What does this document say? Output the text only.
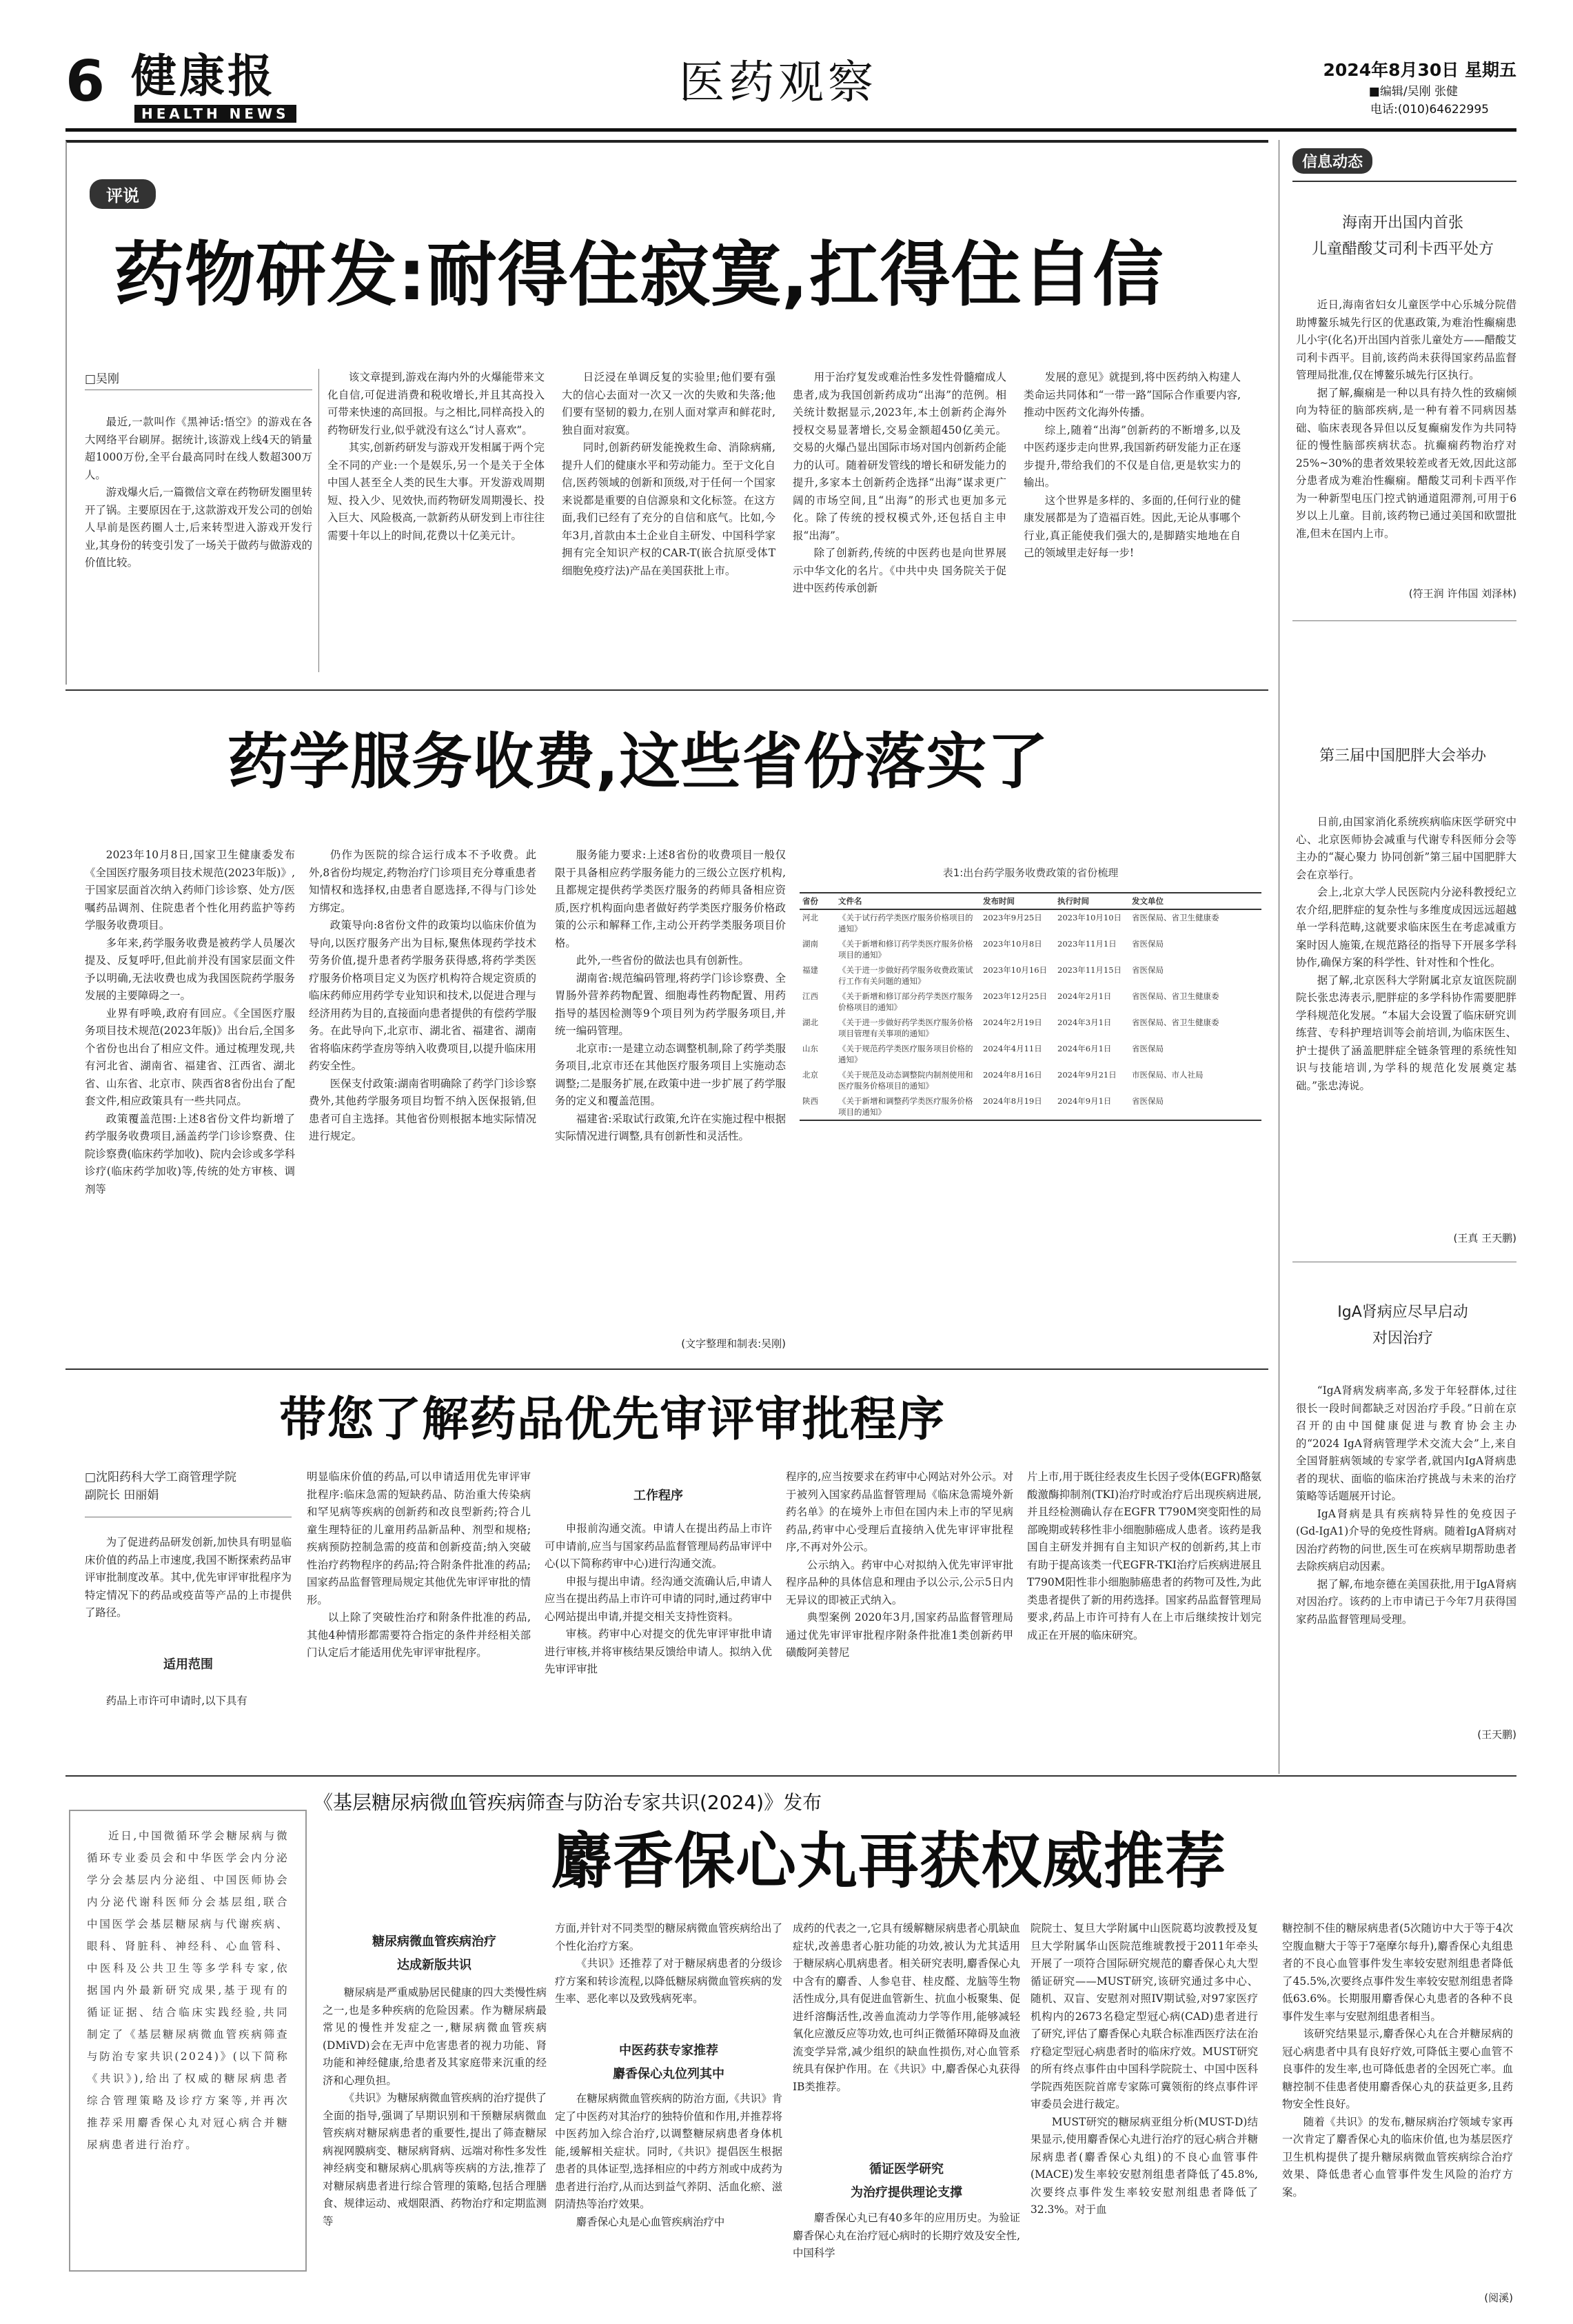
6 健康报
HEALTH NEWS
医药观察	2024年8月30日 星期五
■编辑/吴刚 张健
电话:(010)64622995
评说
药物研发:耐得住寂寞,扛得住自信
□吴刚

最近,一款叫作《黑神话:悟空》的游戏在各大网络平台刷屏。据统计,该游戏上线4天的销量超1000万份,全平台最高同时在线人数超300万人。

游戏爆火后,一篇微信文章在药物研发圈里转开了锅。主要原因在于,这款游戏开发公司的创始人早前是医药圈人士,后来转型进入游戏开发行业,其身份的转变引发了一场关于做药与做游戏的价值比较。

该文章提到,游戏在海内外的火爆能带来文化自信,可促进消费和税收增长,并且其高投入可带来快速的高回报。与之相比,同样高投入的药物研发行业,似乎就没有这么“讨人喜欢”。

其实,创新药研发与游戏开发相属于两个完全不同的产业:一个是娱乐,另一个是关于全体中国人甚至全人类的民生大事。开发游戏周期短、投入少、见效快,而药物研发周期漫长、投入巨大、风险极高,一款新药从研发到上市往往需要十年以上的时间,花费以十亿美元计。

日泛浸在单调反复的实验里;他们要有强大的信心去面对一次又一次的失败和失落;他们要有坚韧的毅力,在别人面对掌声和鲜花时,独自面对寂寞。

同时,创新药研发能挽救生命、消除病痛,提升人们的健康水平和劳动能力。至于文化自信,医药领域的创新和顶级,对于任何一个国家来说都是重要的自信源泉和文化标签。在这方面,我们已经有了充分的自信和底气。比如,今年3月,首款由本土企业自主研发、中国科学家拥有完全知识产权的CAR-T(嵌合抗原受体T细胞免疫疗法)产品在美国获批上市。

用于治疗复发或难治性多发性骨髓瘤成人患者,成为我国创新药成功“出海”的范例。相关统计数据显示,2023年,本土创新药企海外授权交易显著增长,交易金额超450亿美元。交易的火爆凸显出国际市场对国内创新药企能力的认可。随着研发管线的增长和研发能力的提升,多家本土创新药企选择“出海”谋求更广阔的市场空间,且“出海”的形式也更加多元化。除了传统的授权模式外,还包括自主申报“出海”。

除了创新药,传统的中医药也是向世界展示中华文化的名片。《中共中央 国务院关于促进中医药传承创新

发展的意见》就提到,将中医药纳入构建人类命运共同体和“一带一路”国际合作重要内容,推动中医药文化海外传播。

综上,随着“出海”创新药的不断增多,以及中医药逐步走向世界,我国新药研发能力正在逐步提升,带给我们的不仅是自信,更是软实力的输出。

这个世界是多样的、多面的,任何行业的健康发展都是为了造福百姓。因此,无论从事哪个行业,真正能使我们强大的,是脚踏实地地在自己的领域里走好每一步!

信息动态
海南开出国内首张
儿童醋酸艾司利卡西平处方

近日,海南省妇女儿童医学中心乐城分院借助博鳌乐城先行区的优惠政策,为难治性癫痫患儿小宇(化名)开出国内首张儿童处方——醋酸艾司利卡西平。目前,该药尚未获得国家药品监督管理局批准,仅在博鳌乐城先行区执行。

据了解,癫痫是一种以具有持久性的致痫倾向为特征的脑部疾病,是一种有着不同病因基础、临床表现各异但以反复癫痫发作为共同特征的慢性脑部疾病状态。抗癫痫药物治疗对25%~30%的患者效果较差或者无效,因此这部分患者成为难治性癫痫。醋酸艾司利卡西平作为一种新型电压门控式钠通道阻滞剂,可用于6岁以上儿童。目前,该药物已通过美国和欧盟批准,但未在国内上市。

(符王润 许伟国 刘泽林)
第三届中国肥胖大会举办

日前,由国家消化系统疾病临床医学研究中心、北京医师协会减重与代谢专科医师分会等主办的“凝心聚力 协同创新”第三届中国肥胖大会在京举行。

会上,北京大学人民医院内分泌科教授纪立农介绍,肥胖症的复杂性与多维度成因远远超越单一学科范畴,这就要求临床医生在考虑减重方案时因人施策,在规范路径的指导下开展多学科协作,确保方案的科学性、针对性和个性化。

据了解,北京医科大学附属北京友谊医院副院长张忠涛表示,肥胖症的多学科协作需要肥胖学科规范化发展。“本届大会设置了临床研究训练营、专科护理培训等会前培训,为临床医生、护士提供了涵盖肥胖症全链条管理的系统性知识与技能培训,为学科的规范化发展奠定基础。”张忠涛说。

(王真 王天鹏)
IgA肾病应尽早启动
对因治疗

“IgA肾病发病率高,多发于年轻群体,过往很长一段时间都缺乏对因治疗手段。”日前在京召开的由中国健康促进与教育协会主办的“2024 IgA肾病管理学术交流大会”上,来自全国肾脏病领域的专家学者,就国内IgA肾病患者的现状、面临的临床治疗挑战与未来的治疗策略等话题展开讨论。

IgA肾病是具有疾病特异性的免疫因子(Gd-IgA1)介导的免疫性肾病。随着IgA肾病对因治疗药物的问世,医生可在疾病早期帮助患者去除疾病启动因素。

据了解,布地奈德在美国获批,用于IgA肾病对因治疗。该药的上市申请已于今年7月获得国家药品监督管理局受理。

(王天鹏)
药学服务收费,这些省份落实了

2023年10月8日,国家卫生健康委发布《全国医疗服务项目技术规范(2023年版)》,于国家层面首次纳入药师门诊诊察、处方/医嘱药品调剂、住院患者个性化用药监护等药学服务收费项目。

多年来,药学服务收费是被药学人员屡次提及、反复呼吁,但此前并没有国家层面文件予以明确,无法收费也成为我国医院药学服务发展的主要障碍之一。

业界有呼唤,政府有回应。《全国医疗服务项目技术规范(2023年版)》出台后,全国多个省份也出台了相应文件。通过梳理发现,共有河北省、湖南省、福建省、江西省、湖北省、山东省、北京市、陕西省8省份出台了配套文件,相应政策具有一些共同点。

政策覆盖范围:上述8省份文件均新增了药学服务收费项目,涵盖药学门诊诊察费、住院诊察费(临床药学加收)、院内会诊或多学科诊疗(临床药学加收)等,传统的处方审核、调剂等

仍作为医院的综合运行成本不予收费。此外,8省份均规定,药物治疗门诊项目充分尊重患者知情权和选择权,由患者自愿选择,不得与门诊处方绑定。

政策导向:8省份文件的政策均以临床价值为导向,以医疗服务产出为目标,聚焦体现药学技术劳务价值,提升患者药学服务获得感,将药学类医疗服务价格项目定义为医疗机构符合规定资质的临床药师应用药学专业知识和技术,以促进合理与经济用药为目的,直接面向患者提供的有偿药学服务。在此导向下,北京市、湖北省、福建省、湖南省将临床药学查房等纳入收费项目,以提升临床用药安全性。

医保支付政策:湖南省明确除了药学门诊诊察费外,其他药学服务项目均暂不纳入医保报销,但患者可自主选择。其他省份则根据本地实际情况进行规定。

服务能力要求:上述8省份的收费项目一般仅限于具备相应药学服务能力的三级公立医疗机构,且都规定提供药学类医疗服务的药师具备相应资质,医疗机构面向患者做好药学类医疗服务价格政策的公示和解释工作,主动公开药学类服务项目价格。

此外,一些省份的做法也具有创新性。

湖南省:规范编码管理,将药学门诊诊察费、全胃肠外营养药物配置、细胞毒性药物配置、用药指导的基因检测等9个项目列为药学服务项目,并统一编码管理。

北京市:一是建立动态调整机制,除了药学类服务项目,北京市还在其他医疗服务项目上实施动态调整;二是服务扩展,在政策中进一步扩展了药学服务的定义和覆盖范围。

福建省:采取试行政策,允许在实施过程中根据实际情况进行调整,具有创新性和灵活性。

(文字整理和制表:吴刚)
表1:出台药学服务收费政策的省份梳理
省份	文件名	发布时间	执行时间	发文单位
河北	《关于试行药学类医疗服务价格项目的通知》	2023年9月25日	2023年10月10日	省医保局、省卫生健康委
湖南	《关于新增和修订药学类医疗服务价格项目的通知》	2023年10月8日	2023年11月1日	省医保局
福建	《关于进一步做好药学服务收费政策试行工作有关问题的通知》	2023年10月16日	2023年11月15日	省医保局
江西	《关于新增和修订部分药学类医疗服务价格项目的通知》	2023年12月25日	2024年2月1日	省医保局、省卫生健康委
湖北	《关于进一步做好药学类医疗服务价格项目管理有关事项的通知》	2024年2月19日	2024年3月1日	省医保局、省卫生健康委
山东	《关于规范药学类医疗服务项目价格的通知》	2024年4月11日	2024年6月1日	省医保局
北京	《关于规范及动态调整院内制剂使用和医疗服务价格项目的通知》	2024年8月16日	2024年9月21日	市医保局、市人社局
陕西	《关于新增和调整药学类医疗服务价格项目的通知》	2024年8月19日	2024年9月1日	省医保局
带您了解药品优先审评审批程序
□沈阳药科大学工商管理学院
副院长 田丽娟

为了促进药品研发创新,加快具有明显临床价值的药品上市速度,我国不断探索药品审评审批制度改革。其中,优先审评审批程序为特定情况下的药品或疫苗等产品的上市提供了路径。

适用范围

药品上市许可申请时,以下具有

明显临床价值的药品,可以申请适用优先审评审批程序:临床急需的短缺药品、防治重大传染病和罕见病等疾病的创新药和改良型新药;符合儿童生理特征的儿童用药品新品种、剂型和规格;疾病预防控制急需的疫苗和创新疫苗;纳入突破性治疗药物程序的药品;符合附条件批准的药品;国家药品监督管理局规定其他优先审评审批的情形。

以上除了突破性治疗和附条件批准的药品,其他4种情形都需要符合指定的条件并经相关部门认定后才能适用优先审评审批程序。

工作程序

申报前沟通交流。申请人在提出药品上市许可申请前,应当与国家药品监督管理局药品审评中心(以下简称药审中心)进行沟通交流。

申报与提出申请。经沟通交流确认后,申请人应当在提出药品上市许可申请的同时,通过药审中心网站提出申请,并提交相关支持性资料。

审核。药审中心对提交的优先审评审批申请进行审核,并将审核结果反馈给申请人。拟纳入优先审评审批

程序的,应当按要求在药审中心网站对外公示。对于被列入国家药品监督管理局《临床急需境外新药名单》的在境外上市但在国内未上市的罕见病药品,药审中心受理后直接纳入优先审评审批程序,不再对外公示。

公示纳入。药审中心对拟纳入优先审评审批程序品种的具体信息和理由予以公示,公示5日内无异议的即被正式纳入。

典型案例 2020年3月,国家药品监督管理局通过优先审评审批程序附条件批准1类创新药甲磺酸阿美替尼

片上市,用于既往经表皮生长因子受体(EGFR)酪氨酸激酶抑制剂(TKI)治疗时或治疗后出现疾病进展,并且经检测确认存在EGFR T790M突变阳性的局部晚期或转移性非小细胞肺癌成人患者。该药是我国自主研发并拥有自主知识产权的创新药,其上市有助于提高该类一代EGFR-TKI治疗后疾病进展且T790M阳性非小细胞肺癌患者的药物可及性,为此类患者提供了新的用药选择。国家药品监督管理局要求,药品上市许可持有人在上市后继续按计划完成正在开展的临床研究。

《基层糖尿病微血管疾病筛查与防治专家共识(2024)》发布
麝香保心丸再获权威推荐
近日,中国微循环学会糖尿病与微循环专业委员会和中华医学会内分泌学分会基层内分泌组、中国医师协会内分泌代谢科医师分会基层组,联合中国医学会基层糖尿病与代谢疾病、眼科、肾脏科、神经科、心血管科、中医科及公共卫生等多学科专家,依据国内外最新研究成果,基于现有的循证证据、结合临床实践经验,共同制定了《基层糖尿病微血管疾病筛查与防治专家共识(2024)》(以下简称《共识》),给出了权威的糖尿病患者综合管理策略及诊疗方案等,并再次推荐采用麝香保心丸对冠心病合并糖尿病患者进行治疗。
糖尿病微血管疾病治疗
达成新版共识

糖尿病是严重威胁居民健康的四大类慢性病之一,也是多种疾病的危险因素。作为糖尿病最常见的慢性并发症之一,糖尿病微血管疾病(DMiVD)会在无声中危害患者的视力功能、肾功能和神经健康,给患者及其家庭带来沉重的经济和心理负担。

《共识》为糖尿病微血管疾病的治疗提供了全面的指导,强调了早期识别和干预糖尿病微血管疾病对糖尿病患者的重要性,提出了筛查糖尿病视网膜病变、糖尿病肾病、远端对称性多发性神经病变和糖尿病心肌病等疾病的方法,推荐了对糖尿病患者进行综合管理的策略,包括合理膳食、规律运动、戒烟限酒、药物治疗和定期监测等

方面,并针对不同类型的糖尿病微血管疾病给出了个性化治疗方案。

《共识》还推荐了对于糖尿病患者的分级诊疗方案和转诊流程,以降低糖尿病微血管疾病的发生率、恶化率以及致残病死率。

中医药获专家推荐
麝香保心丸位列其中

在糖尿病微血管疾病的防治方面,《共识》肯定了中医药对其治疗的独特价值和作用,并推荐将中医药加入综合治疗,以调整糖尿病患者身体机能,缓解相关症状。同时,《共识》提倡医生根据患者的具体证型,选择相应的中药方剂或中成药为患者进行治疗,从而达到益气养阴、活血化瘀、滋阴清热等治疗效果。

麝香保心丸是心血管疾病治疗中

成药的代表之一,它具有缓解糖尿病患者心肌缺血症状,改善患者心脏功能的功效,被认为尤其适用于糖尿病心肌病患者。相关研究表明,麝香保心丸中含有的麝香、人参皂苷、桂皮醛、龙脑等生物活性成分,具有促进血管新生、抗血小板聚集、促进纤溶酶活性,改善血流动力学等作用,能够减轻氧化应激反应等功效,也可纠正微循环障碍及血液流变学异常,减少组织的缺血性损伤,对心血管系统具有保护作用。在《共识》中,麝香保心丸获得IB类推荐。

循证医学研究
为治疗提供理论支撑

麝香保心丸已有40多年的应用历史。为验证麝香保心丸在治疗冠心病时的长期疗效及安全性,中国科学

院院士、复旦大学附属中山医院葛均波教授及复旦大学附属华山医院范维琥教授于2011年牵头开展了一项符合国际研究规范的麝香保心丸大型循证研究——MUST研究,该研究通过多中心、随机、双盲、安慰剂对照IV期试验,对97家医疗机构内的2673名稳定型冠心病(CAD)患者进行了研究,评估了麝香保心丸联合标准西医疗法在治疗稳定型冠心病患者时的临床疗效。MUST研究的所有终点事件由中国科学院院士、中国中医科学院西苑医院首席专家陈可冀领衔的终点事件评审委员会进行裁定。

MUST研究的糖尿病亚组分析(MUST-D)结果显示,使用麝香保心丸进行治疗的冠心病合并糖尿病患者(麝香保心丸组)的不良心血管事件(MACE)发生率较安慰剂组患者降低了45.8%,次要终点事件发生率较安慰剂组患者降低了32.3%。对于血

糖控制不佳的糖尿病患者(5次随访中大于等于4次空腹血糖大于等于7毫摩尔每升),麝香保心丸组患者的不良心血管事件发生率较安慰剂组患者降低了45.5%,次要终点事件发生率较安慰剂组患者降低63.6%。长期服用麝香保心丸患者的各种不良事件发生率与安慰剂组患者相当。

该研究结果显示,麝香保心丸在合并糖尿病的冠心病患者中具有良好疗效,可降低主要心血管不良事件的发生率,也可降低患者的全因死亡率。血糖控制不佳患者使用麝香保心丸的获益更多,且药物安全性良好。

随着《共识》的发布,糖尿病治疗领域专家再一次肯定了麝香保心丸的临床价值,也为基层医疗卫生机构提供了提升糖尿病微血管疾病综合治疗效果、降低患者心血管事件发生风险的治疗方案。

(阅溪)
